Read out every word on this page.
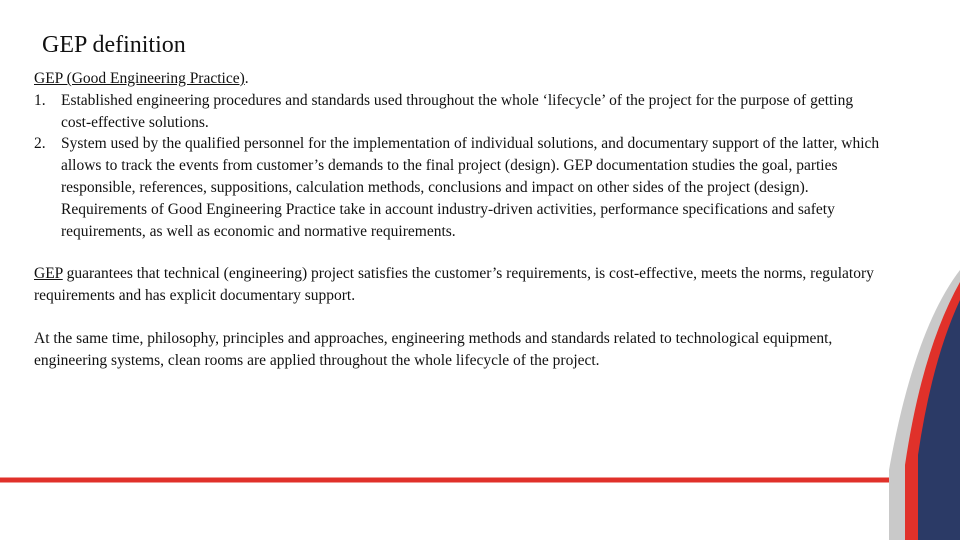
GEP definition

GEP (Good Engineering Practice).

1. Established engineering procedures and standards used throughout the whole ‘lifecycle’ of the project for the purpose of getting cost-effective solutions.
2. System used by the qualified personnel for the implementation of individual solutions, and documentary support of the latter, which allows to track the events from customer’s demands to the final project (design). GEP documentation studies the goal, parties responsible, references, suppositions, calculation methods, conclusions and impact on other sides of the project (design). Requirements of Good Engineering Practice take in account industry-driven activities, performance specifications and safety requirements, as well as economic and normative requirements.

GEP guarantees that technical (engineering) project satisfies the customer’s requirements, is cost-effective, meets the norms, regulatory requirements and has explicit documentary support.

At the same time, philosophy, principles and approaches, engineering methods and standards related to technological equipment, engineering systems, clean rooms are applied throughout the whole lifecycle of the project.
